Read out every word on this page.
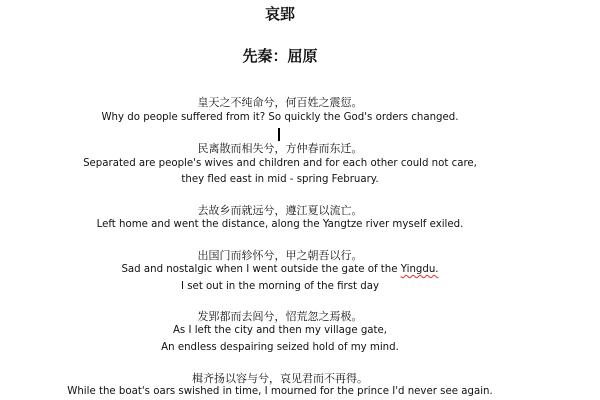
哀郢
先秦：屈原
皇天之不纯命兮，何百姓之震愆。
Why do people suffered from it? So quickly the God's orders changed.
民离散而相失兮，方仲春而东迁。
Separated are people's wives and children and for each other could not care,
they fled east in mid - spring February.
去故乡而就远兮，遵江夏以流亡。
Left home and went the distance, along the Yangtze river myself exiled.
出国门而轸怀兮，甲之朝吾以行。
Sad and nostalgic when I went outside the gate of the Yingdu.
I set out in the morning of the first day
发郢都而去闾兮，怊荒忽之焉极。
As I left the city and then my village gate,
An endless despairing seized hold of my mind.
楫齐扬以容与兮，哀见君而不再得。
While the boat's oars swished in time, I mourned for the prince I'd never see again.
